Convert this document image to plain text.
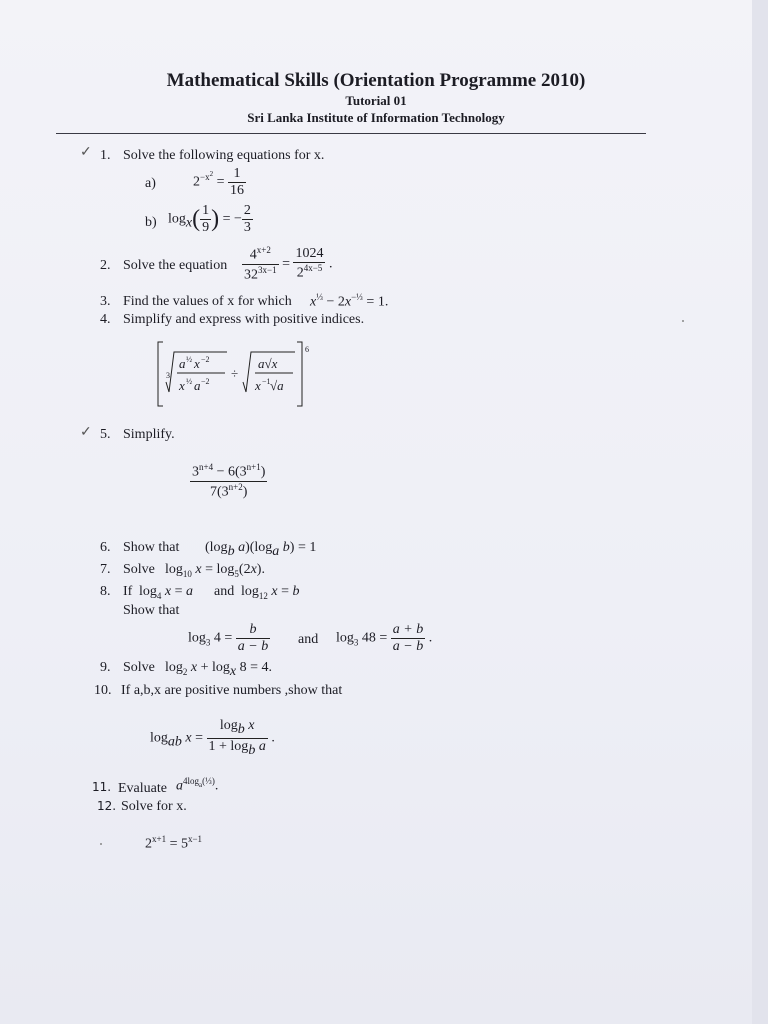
Mathematical Skills (Orientation Programme 2010)
Tutorial 01
Sri Lanka Institute of Information Technology
✓ 1. Solve the following equations for x.
a)	$2^{-x^2} = \frac{1}{16}$
b) $\log_x( \frac{1}{9}$ ) = − $\frac{2}{3}$
2. Solve the equation $\frac{4^{x+2}}{32^{3x-1}} = \frac{1024}{2^{4x-5}}$ .
3. Find the values of x for which $x^{\frac{1}{3}} - 2x^{-\frac{1}{3}} = 1$.
4. Simplify and express with positive indices.
6
3
a ½ x −2
x ½ a −2
÷
a√x
x −1 √a
✓ 5. Simplify.
$\frac{3^{n+4} - 6(3^{n+1})}{7(3^{n+2})}$
6. Show that ($\log_b$ $a)(\log_a$ b) = 1
7. Solve $\log_{10} x = \log_5(2x)$.
8. If $\log_4 x = a$ and $\log_{12} x = b$
Show that
$\log_3 4 = \frac{b}{a - b}$ and $\log_3 48 = \frac{a + b}{a - b}$ .
9. Solve $\log_2 x + \log_x 8 = 4$.
10. If a,b,x are positive numbers ,show that
$\log_{ab} x = \frac{\log_b x}{1 + \log_b a}$ .
11. Evaluate $a^{4log_a(\frac{1}{3})}$.
12. Solve for x.
$2^{x+1} = 5^{x-1}$
